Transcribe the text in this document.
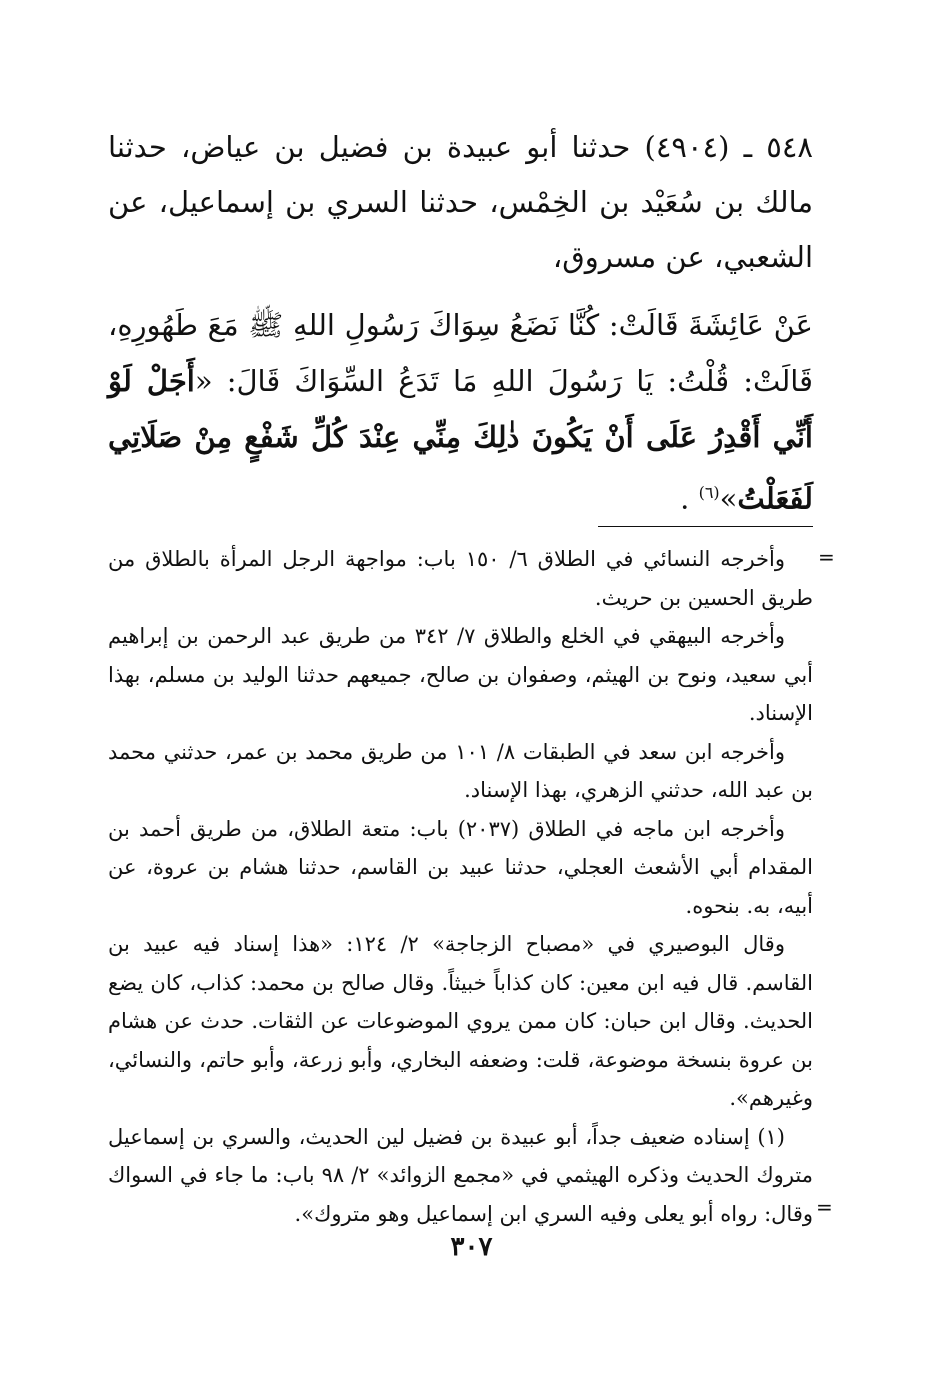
٥٤٨ ـ (٤٩٠٤) حدثنا أبو عبيدة بن فضيل بن عياض، حدثنا مالك بن سُعَيْد بن الخِمْس، حدثنا السري بن إسماعيل، عن الشعبي، عن مسروق،

عَنْ عَائِشَةَ قَالَتْ: كُنَّا نَضَعُ سِوَاكَ رَسُولِ اللهِ ﷺ مَعَ طَهُورِهِ، قَالَتْ: قُلْتُ: يَا رَسُولَ اللهِ مَا تَدَعُ السِّوَاكَ قَالَ: «أَجَلْ لَوْ أَنِّي أَقْدِرُ عَلَى أَنْ يَكُونَ ذٰلِكَ مِنِّي عِنْدَ كُلِّ شَفْعٍ مِنْ صَلَاتِي لَفَعَلْتُ»$^{(٦)}$ .

=

وأخرجه النسائي في الطلاق ٦/ ١٥٠ باب: مواجهة الرجل المرأة بالطلاق من طريق الحسين بن حريث.

وأخرجه البيهقي في الخلع والطلاق ٧/ ٣٤٢ من طريق عبد الرحمن بن إبراهيم أبي سعيد، ونوح بن الهيثم، وصفوان بن صالح، جميعهم حدثنا الوليد بن مسلم، بهذا الإسناد.

وأخرجه ابن سعد في الطبقات ٨/ ١٠١ من طريق محمد بن عمر، حدثني محمد بن عبد الله، حدثني الزهري، بهذا الإسناد.

وأخرجه ابن ماجه في الطلاق (٢٠٣٧) باب: متعة الطلاق، من طريق أحمد بن المقدام أبي الأشعث العجلي، حدثنا عبيد بن القاسم، حدثنا هشام بن عروة، عن أبيه، به. بنحوه.

وقال البوصيري في «مصباح الزجاجة» ٢/ ١٢٤: «هذا إسناد فيه عبيد بن القاسم. قال فيه ابن معين: كان كذاباً خبيثاً. وقال صالح بن محمد: كذاب، كان يضع الحديث. وقال ابن حبان: كان ممن يروي الموضوعات عن الثقات. حدث عن هشام بن عروة بنسخة موضوعة، قلت: وضعفه البخاري، وأبو زرعة، وأبو حاتم، والنسائي، وغيرهم».

(١) إسناده ضعيف جداً، أبو عبيدة بن فضيل لين الحديث، والسري بن إسماعيل متروك الحديث وذكره الهيثمي في «مجمع الزوائد» ٢/ ٩٨ باب: ما جاء في السواك وقال: رواه أبو يعلى وفيه السري ابن إسماعيل وهو متروك». =
٣٠٧
